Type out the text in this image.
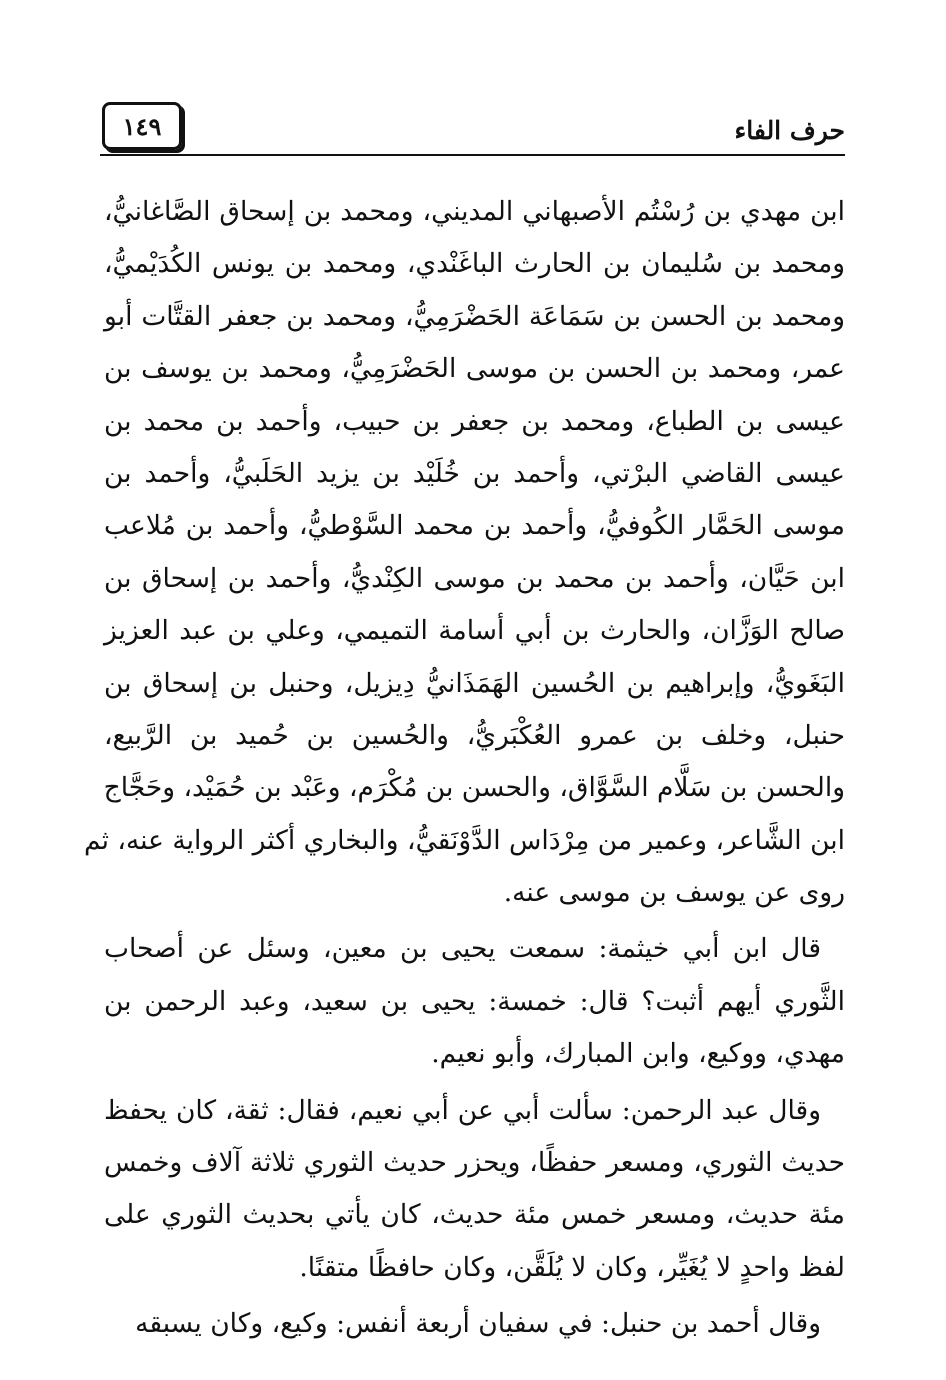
١٤٩	حرف الفاء
ابن مهدي بن رُسْتُم الأصبهاني المديني، ومحمد بن إسحاق الصَّاغانيُّ،
ومحمد بن سُليمان بن الحارث الباغَنْدي، ومحمد بن يونس الكُدَيْميُّ،
ومحمد بن الحسن بن سَمَاعَة الحَضْرَمِيُّ، ومحمد بن جعفر القتَّات أبو
عمر، ومحمد بن الحسن بن موسى الحَضْرَمِيُّ، ومحمد بن يوسف بن
عيسى بن الطباع، ومحمد بن جعفر بن حبيب، وأحمد بن محمد بن
عيسى القاضي البرْتي، وأحمد بن خُلَيْد بن يزيد الحَلَبيُّ، وأحمد بن
موسى الحَمَّار الكُوفيُّ، وأحمد بن محمد السَّوْطيُّ، وأحمد بن مُلاعب
ابن حَيَّان، وأحمد بن محمد بن موسى الكِنْديُّ، وأحمد بن إسحاق بن
صالح الوَزَّان، والحارث بن أبي أسامة التميمي، وعلي بن عبد العزيز
البَغَويُّ، وإبراهيم بن الحُسين الهَمَذَانيُّ دِيزيل، وحنبل بن إسحاق بن
حنبل، وخلف بن عمرو العُكْبَريُّ، والحُسين بن حُميد بن الرَّبيع،
والحسن بن سَلَّام السَّوَّاق، والحسن بن مُكْرَم، وعَبْد بن حُمَيْد، وحَجَّاج
ابن الشَّاعر، وعمير من مِرْدَاس الدَّوْنَقيُّ، والبخاري أكثر الرواية عنه، ثم
روى عن يوسف بن موسى عنه.
قال ابن أبي خيثمة: سمعت يحيى بن معين، وسئل عن أصحاب
الثَّوري أيهم أثبت؟ قال: خمسة: يحيى بن سعيد، وعبد الرحمن بن
مهدي، ووكيع، وابن المبارك، وأبو نعيم.
وقال عبد الرحمن: سألت أبي عن أبي نعيم، فقال: ثقة، كان يحفظ
حديث الثوري، ومسعر حفظًا، ويحزر حديث الثوري ثلاثة آلاف وخمس
مئة حديث، ومسعر خمس مئة حديث، كان يأتي بحديث الثوري على
لفظ واحدٍ لا يُغَيِّر، وكان لا يُلَقَّن، وكان حافظًا متقنًا.
وقال أحمد بن حنبل: في سفيان أربعة أنفس: وكيع، وكان يسبقه
